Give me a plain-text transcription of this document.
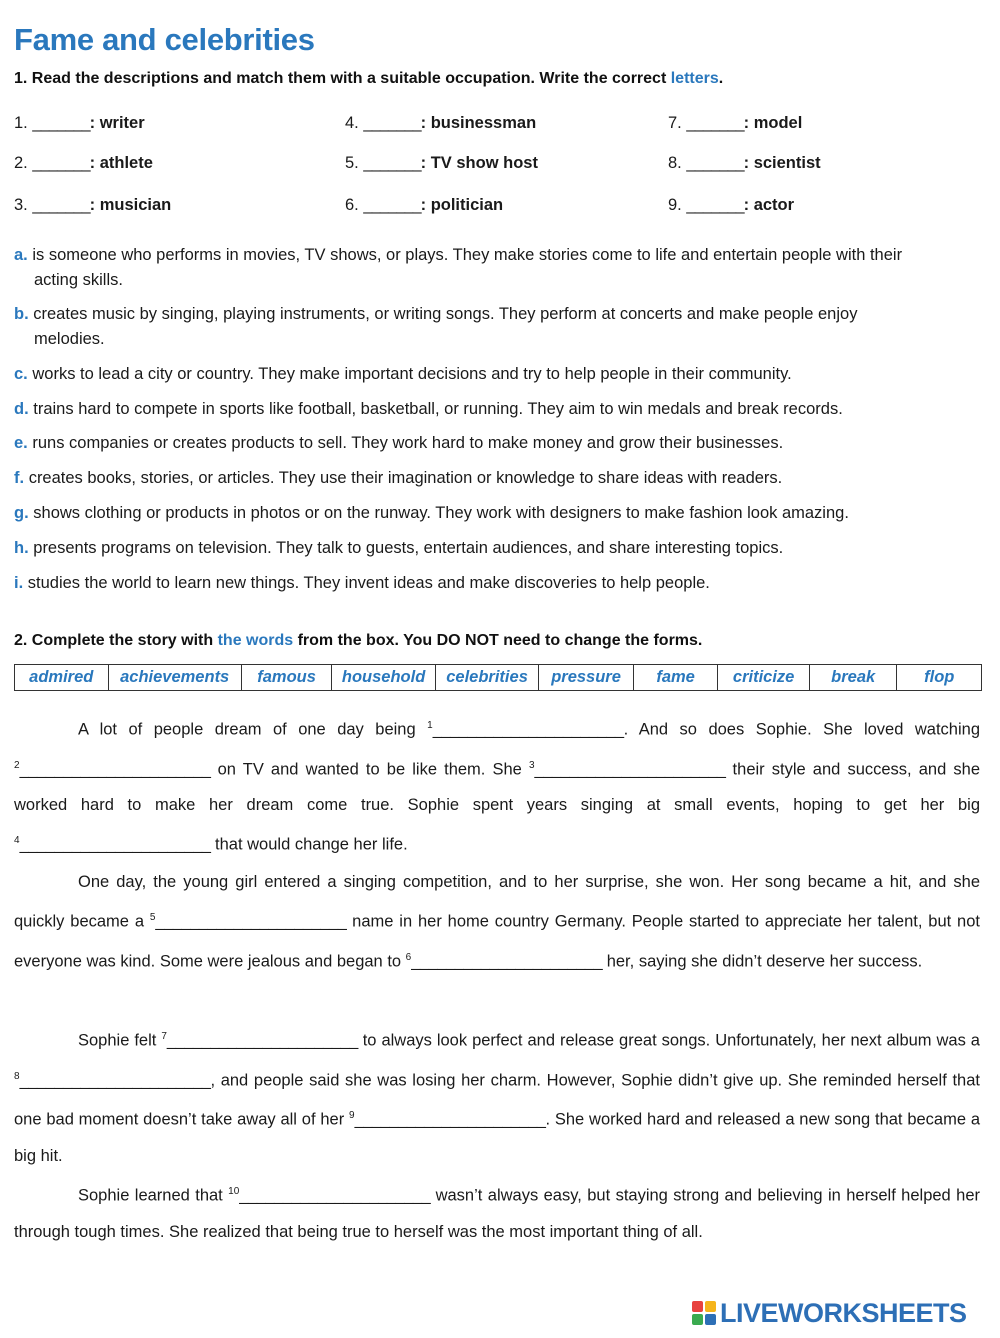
Fame and celebrities
1. Read the descriptions and match them with a suitable occupation. Write the correct letters.
1. _______: writer
2. _______: athlete
3. _______: musician
4. _______: businessman
5. _______: TV show host
6. _______: politician
7. _______: model
8. _______: scientist
9. _______: actor
a. is someone who performs in movies, TV shows, or plays. They make stories come to life and entertain people with their acting skills.
b. creates music by singing, playing instruments, or writing songs. They perform at concerts and make people enjoy melodies.
c. works to lead a city or country. They make important decisions and try to help people in their community.
d. trains hard to compete in sports like football, basketball, or running. They aim to win medals and break records.
e. runs companies or creates products to sell. They work hard to make money and grow their businesses.
f. creates books, stories, or articles. They use their imagination or knowledge to share ideas with readers.
g. shows clothing or products in photos or on the runway. They work with designers to make fashion look amazing.
h. presents programs on television. They talk to guests, entertain audiences, and share interesting topics.
i. studies the world to learn new things. They invent ideas and make discoveries to help people.
2. Complete the story with the words from the box. You DO NOT need to change the forms.
admired	achievements	famous	household	celebrities	pressure	fame	criticize	break	flop
A lot of people dream of one day being $^1$______________________. And so does Sophie. She loved watching $^2$______________________ on TV and wanted to be like them. She $^3$______________________ their style and success, and she worked hard to make her dream come true. Sophie spent years singing at small events, hoping to get her big $^4$______________________ that would change her life.
One day, the young girl entered a singing competition, and to her surprise, she won. Her song became a hit, and she quickly became a $^5$______________________ name in her home country Germany. People started to appreciate her talent, but not everyone was kind. Some were jealous and began to $^6$______________________ her, saying she didn’t deserve her success.
Sophie felt $^7$______________________ to always look perfect and release great songs. Unfortunately, her next album was a $^8$______________________, and people said she was losing her charm. However, Sophie didn’t give up. She reminded herself that one bad moment doesn’t take away all of her $^9$______________________. She worked hard and released a new song that became a big hit.
Sophie learned that $^{10}$______________________ wasn’t always easy, but staying strong and believing in herself helped her through tough times. She realized that being true to herself was the most important thing of all.
LIVEWORKSHEETS
